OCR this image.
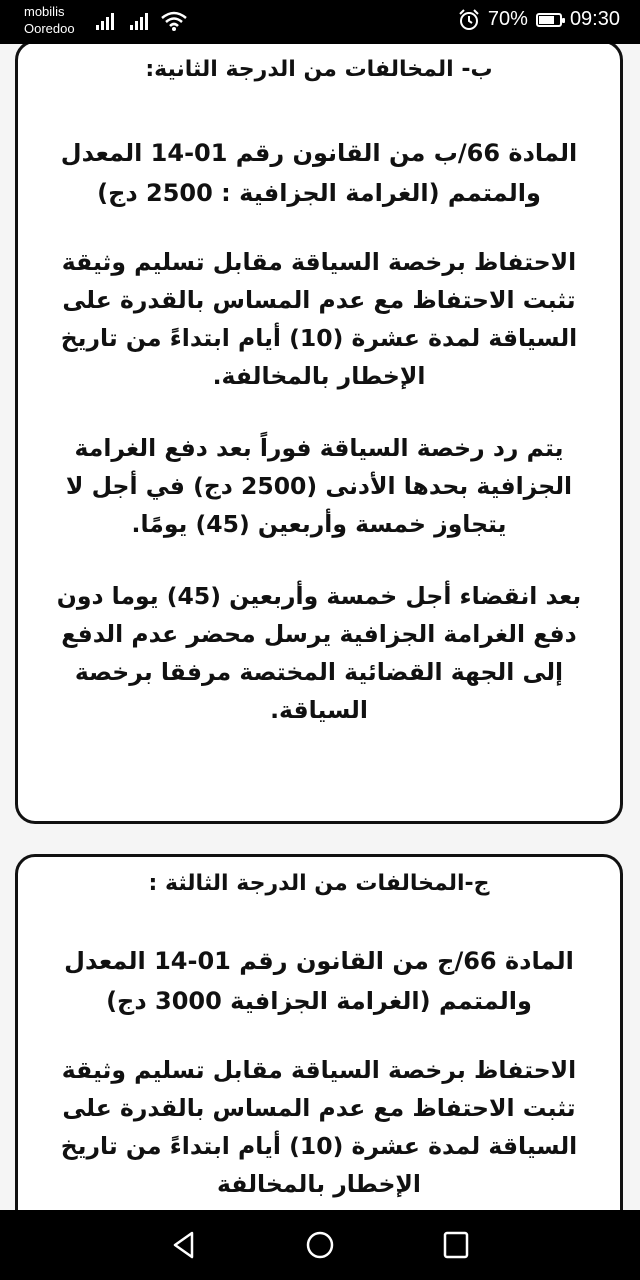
mobilis
Ooredoo	70% 09:30

ب- المخالفات من الدرجة الثانية:

المادة 66/ب من القانون رقم 01-14 المعدل والمتمم (الغرامة الجزافية : 2500 دج)

الاحتفاظ برخصة السياقة مقابل تسليم وثيقة تثبت الاحتفاظ مع عدم المساس بالقدرة على السياقة لمدة عشرة (10) أيام ابتداءً من تاريخ الإخطار بالمخالفة.

يتم رد رخصة السياقة فوراً بعد دفع الغرامة الجزافية بحدها الأدنى (2500 دج) في أجل لا يتجاوز خمسة وأربعين (45) يومًا.

بعد انقضاء أجل خمسة وأربعين (45) يوما دون دفع الغرامة الجزافية يرسل محضر عدم الدفع إلى الجهة القضائية المختصة مرفقا برخصة السياقة.

ج-المخالفات من الدرجة الثالثة :

المادة 66/ج من القانون رقم 01-14 المعدل والمتمم (الغرامة الجزافية 3000 دج)

الاحتفاظ برخصة السياقة مقابل تسليم وثيقة تثبت الاحتفاظ مع عدم المساس بالقدرة على السياقة لمدة عشرة (10) أيام ابتداءً من تاريخ الإخطار بالمخالفة
